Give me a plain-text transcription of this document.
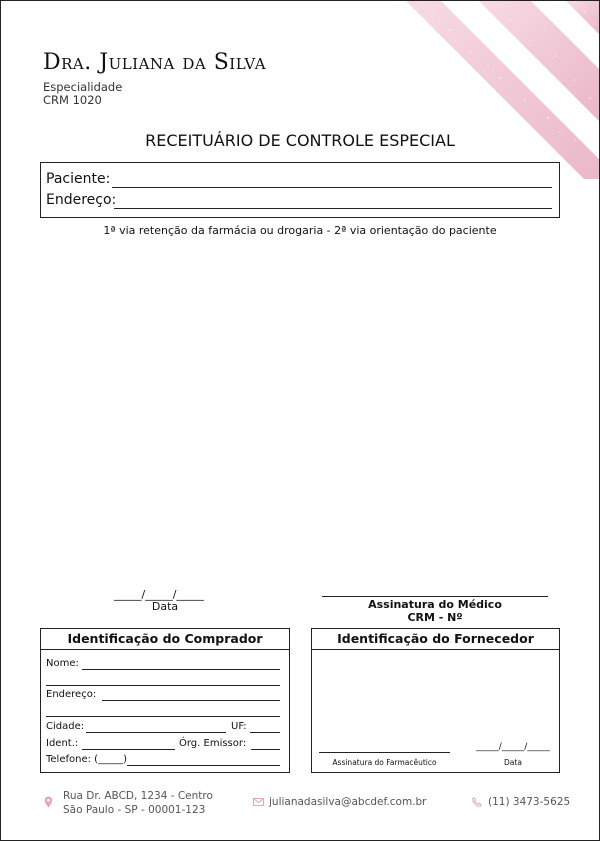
Dra. Juliana da Silva
Especialidade
CRM 1020
RECEITUÁRIO DE CONTROLE ESPECIAL
Paciente:
Endereço:
1ª via retenção da farmácia ou drogaria - 2ª via orientação do paciente
_____/_____/_____
Data	Assinatura do Médico
CRM - Nº
Identificação do Comprador
Nome:
Endereço:
Cidade:	UF:
Ident.:	Órg. Emissor:
Telefone: (_____)
Identificação do Fornecedor
Assinatura do Farmacêutico
_____/_____/_____
Data
Rua Dr. ABCD, 1234 - Centro
São Paulo - SP - 00001-123
julianadasilva@abcdef.com.br	(11) 3473-5625
